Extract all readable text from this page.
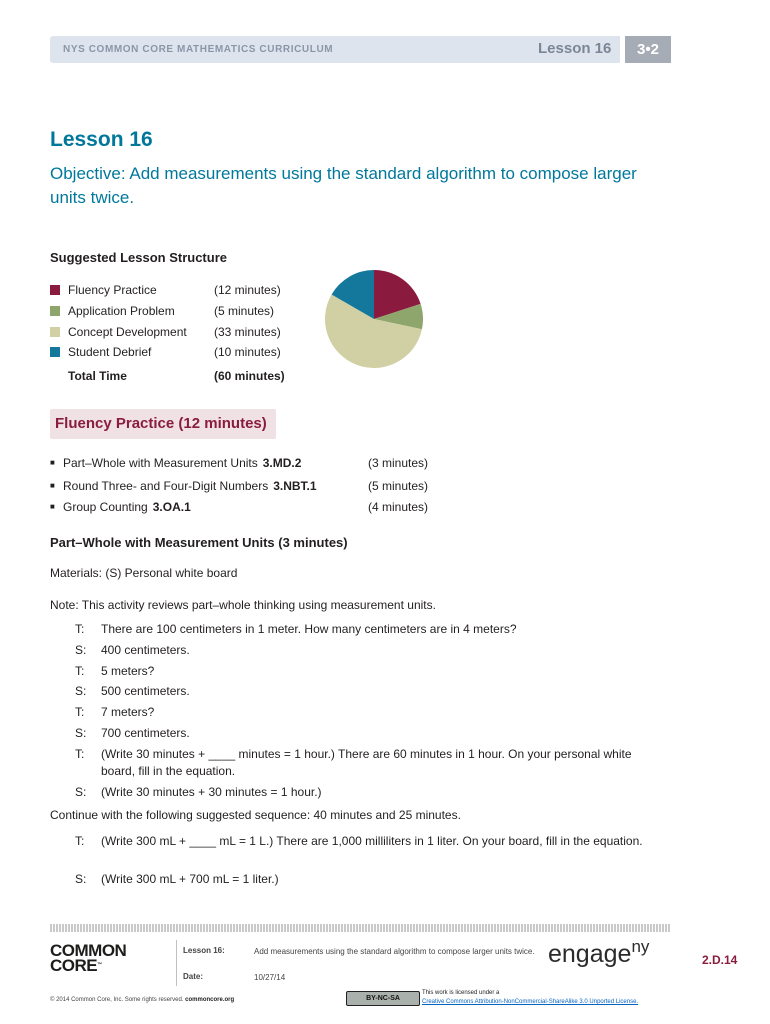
NYS COMMON CORE MATHEMATICS CURRICULUM	Lesson 16	3•2
Lesson 16
Objective: Add measurements using the standard algorithm to compose larger units twice.
Suggested Lesson Structure
Fluency Practice	(12 minutes)
Application Problem	(5 minutes)
Concept Development (33 minutes)
Student Debrief	(10 minutes)
Total Time	(60 minutes)
Fluency Practice (12 minutes)
■ Part–Whole with Measurement Units 3.MD.2	(3 minutes)
■ Round Three- and Four-Digit Numbers 3.NBT.1	(5 minutes)
■ Group Counting 3.OA.1	(4 minutes)
Part–Whole with Measurement Units (3 minutes)
Materials: (S) Personal white board
Note: This activity reviews part–whole thinking using measurement units.
T:	There are 100 centimeters in 1 meter. How many centimeters are in 4 meters?
S:	400 centimeters.
T:	5 meters?
S:	500 centimeters.
T:	7 meters?
S:	700 centimeters.
T:	(Write 30 minutes + ____ minutes = 1 hour.) There are 60 minutes in 1 hour. On your personal white board, fill in the equation.
S:	(Write 30 minutes + 30 minutes = 1 hour.)
Continue with the following suggested sequence: 40 minutes and 25 minutes.
T:	(Write 300 mL + ____ mL = 1 L.) There are 1,000 milliliters in 1 liter. On your board, fill in the equation.
S:	(Write 300 mL + 700 mL = 1 liter.)
COMMON
CORE™
Lesson 16:	Add measurements using the standard algorithm to compose larger units twice.
Date:	10/27/14
engage$^{ny}$
2.D.14
© 2014 Common Core, Inc. Some rights reserved. commoncore.org	BY-NC-SA
This work is licensed under a
Creative Commons Attribution-NonCommercial-ShareAlike 3.0 Unported License.
